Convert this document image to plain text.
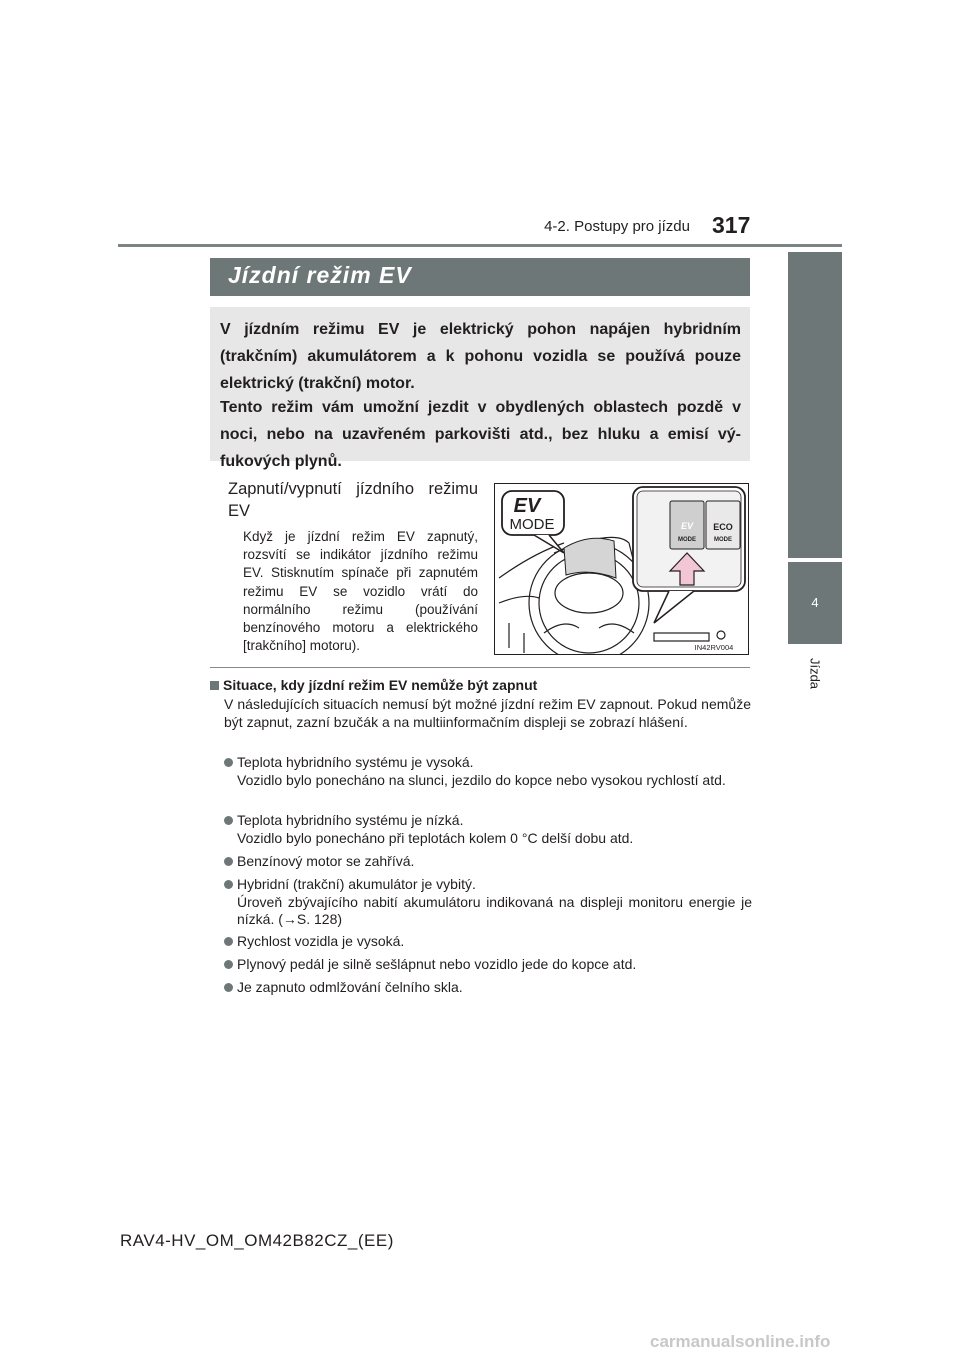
4-2. Postupy pro jízdu 317
4
Jízda
Jízdní režim EV
V jízdním režimu EV je elektrický pohon napájen hybridním (trakčním) akumulátorem a k pohonu vozidla se používá pouze elektrický (trakční) motor.
Tento režim vám umožní jezdit v obydlených oblastech pozdě v noci, nebo na uzavřeném parkovišti atd., bez hluku a emisí výfukových plynů.
Zapnutí/vypnutí jízdního režimu EV
Když je jízdní režim EV zapnutý, rozsvítí se indikátor jízdního režimu EV. Stisknutím spínače při zapnutém režimu EV se vozidlo vrátí do normálního režimu (používání benzínového motoru a elektrického [trakčního] motoru).
EV
MODE	EV
MODE
ECO
MODE
IN42RV004
Situace, kdy jízdní režim EV nemůže být zapnut
V následujících situacích nemusí být možné jízdní režim EV zapnout. Pokud nemůže být zapnut, zazní bzučák a na multiinformačním displeji se zobrazí hlášení.
Teplota hybridního systému je vysoká.
Vozidlo bylo ponecháno na slunci, jezdilo do kopce nebo vysokou rychlostí atd.
Teplota hybridního systému je nízká.
Vozidlo bylo ponecháno při teplotách kolem 0 °C delší dobu atd.
Benzínový motor se zahřívá.
Hybridní (trakční) akumulátor je vybitý.
Úroveň zbývajícího nabití akumulátoru indikovaná na displeji monitoru energie je nízká. (→S. 128)
Rychlost vozidla je vysoká.
Plynový pedál je silně sešlápnut nebo vozidlo jede do kopce atd.
Je zapnuto odmlžování čelního skla.
RAV4-HV_OM_OM42B82CZ_(EE)
carmanualsonline.info
